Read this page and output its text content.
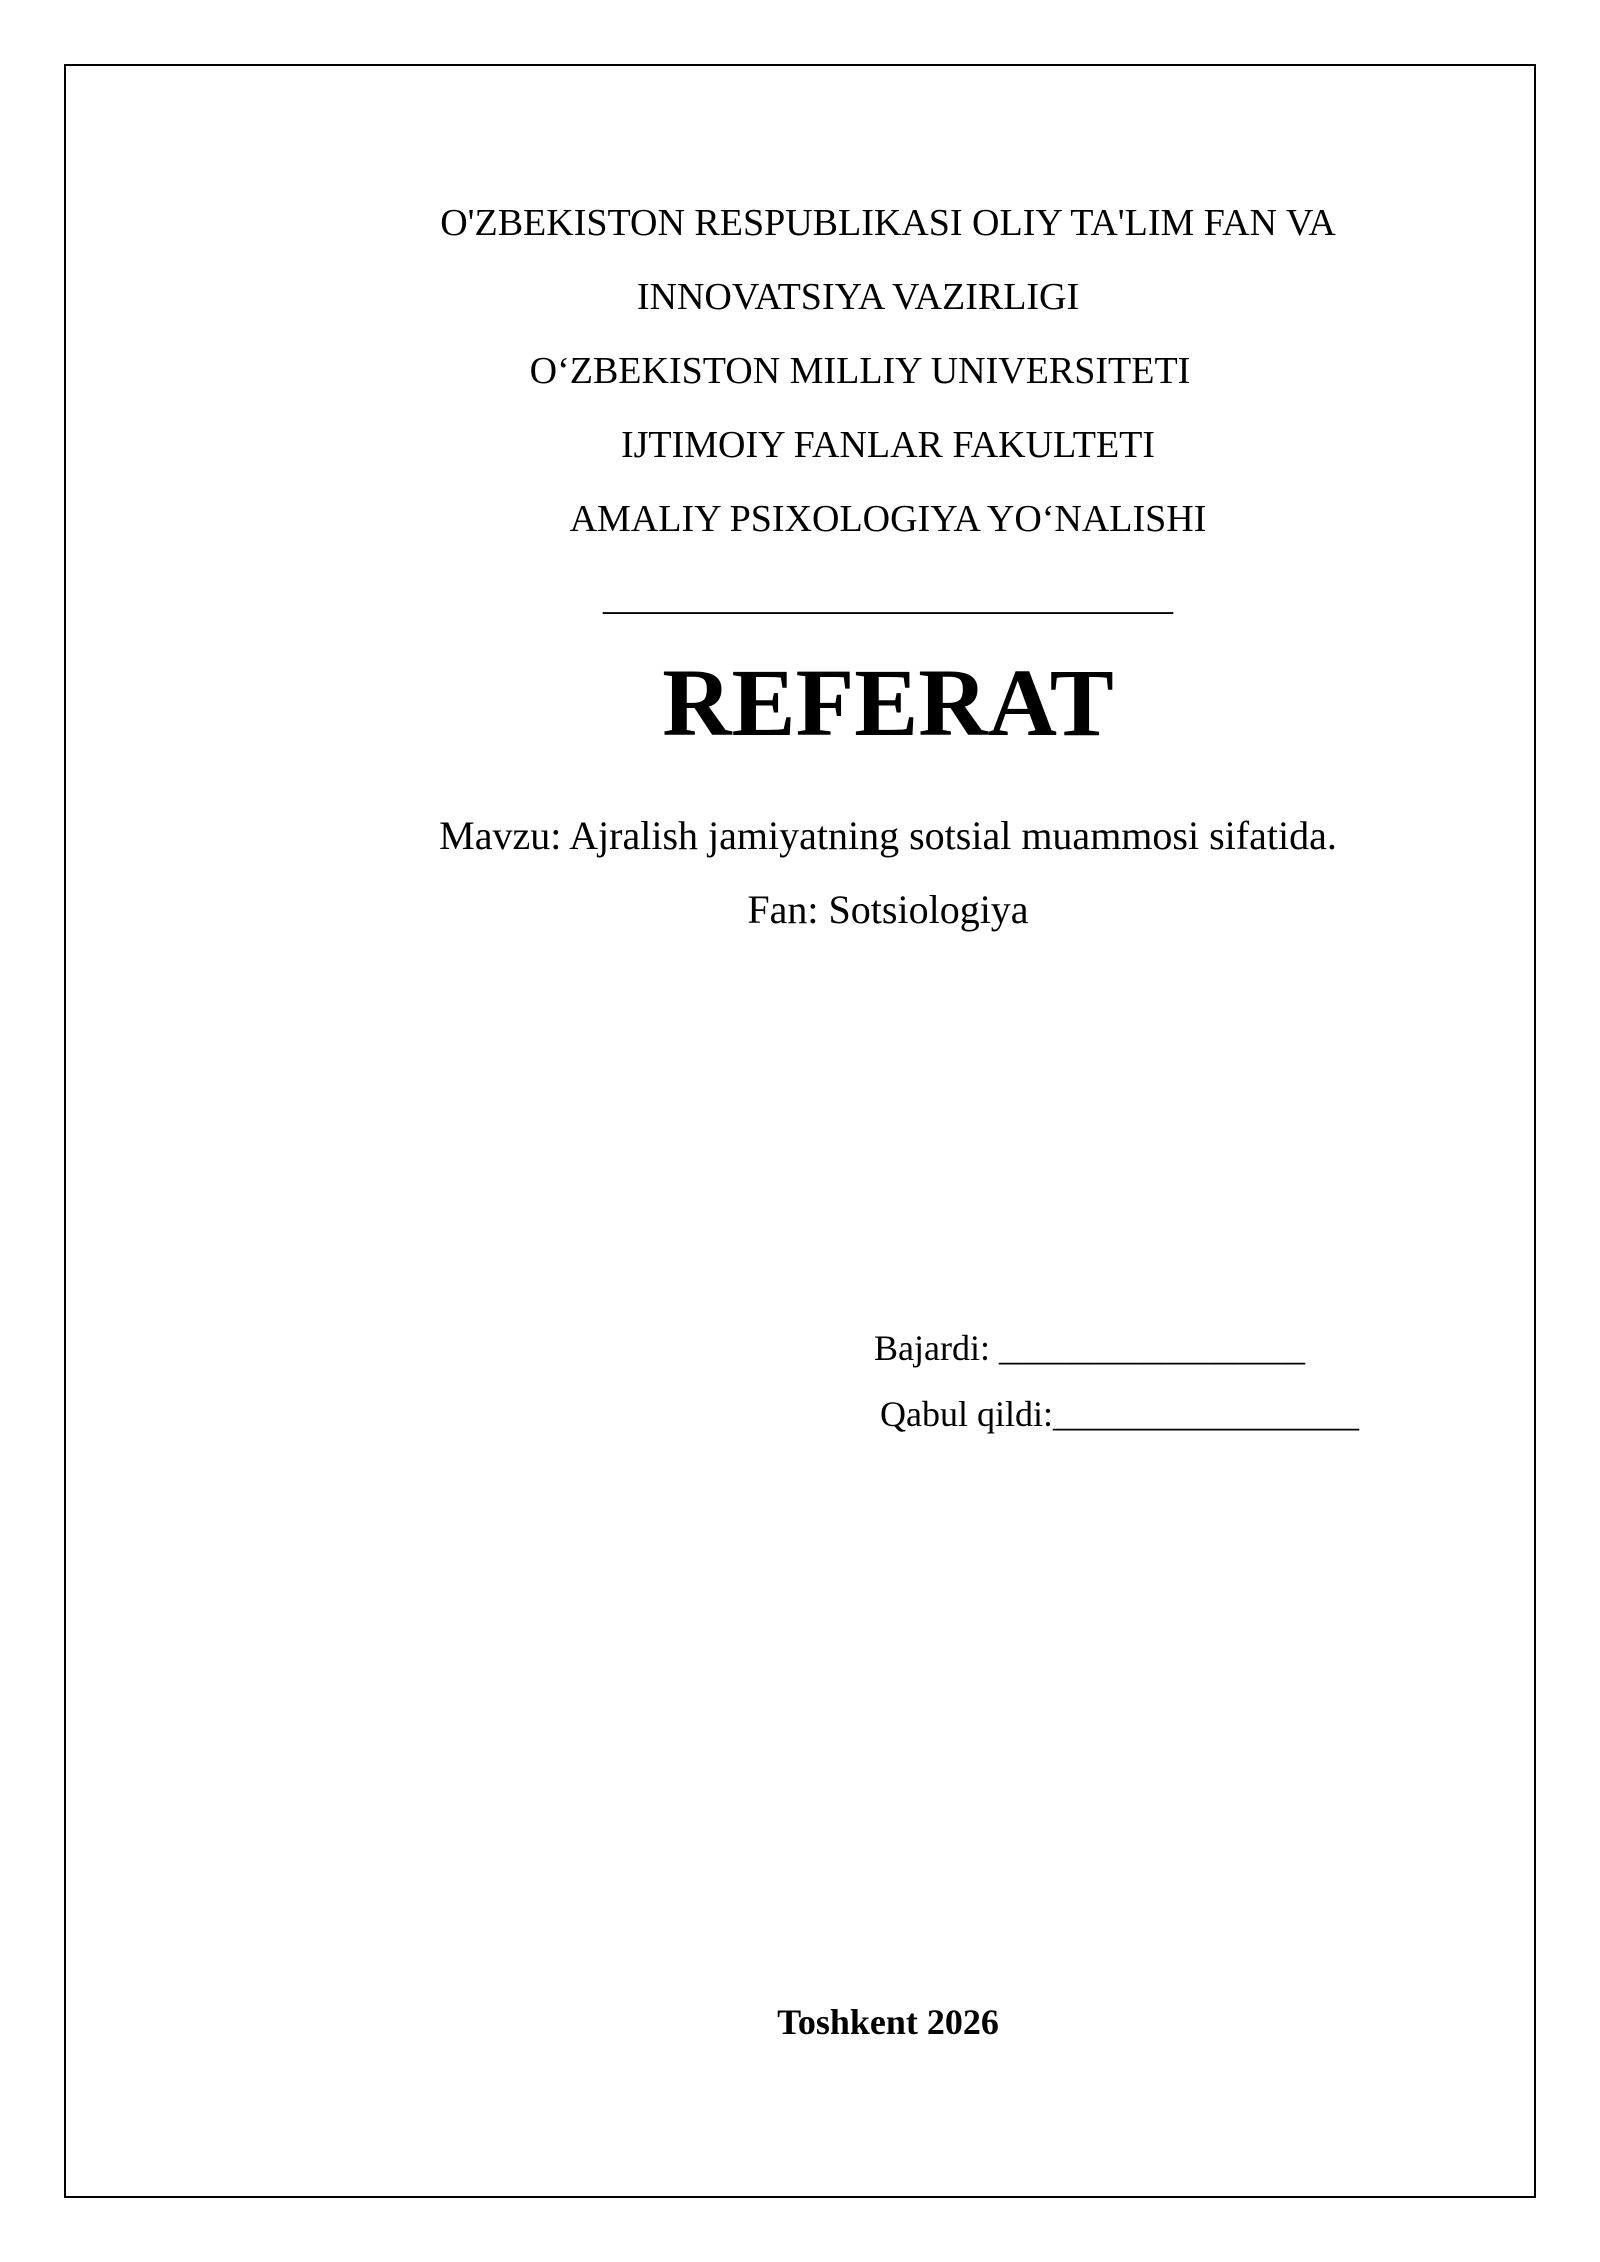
O'ZBEKISTON RESPUBLIKASI OLIY TA'LIM FAN VA
INNOVATSIYA VAZIRLIGI
O‘ZBEKISTON MILLIY UNIVERSITETI
IJTIMOIY FANLAR FAKULTETI
AMALIY PSIXOLOGIYA YO‘NALISHI
______________________________
REFERAT
Mavzu: Ajralish jamiyatning sotsial muammosi sifatida.
Fan: Sotsiologiya
Bajardi: _________________
Qabul qildi:_________________
Toshkent 2026
